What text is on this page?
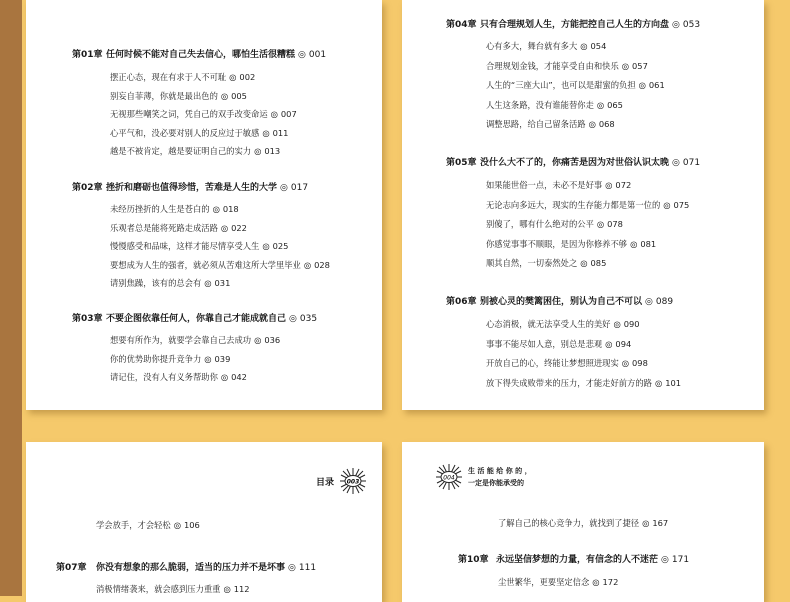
第01章 任何时候不能对自己失去信心，哪怕生活很糟糕 ◎ 001
摆正心态，现在有求于人不可耻 ◎ 002
别妄自菲薄，你就是最出色的 ◎ 005
无视那些嘲笑之词，凭自己的双手改变命运 ◎ 007
心平气和，没必要对别人的反应过于敏感 ◎ 011
越是不被肯定，越是要证明自己的实力 ◎ 013
第02章 挫折和磨砺也值得珍惜，苦难是人生的大学 ◎ 017
未经历挫折的人生是苍白的 ◎ 018
乐观者总是能将死路走成活路 ◎ 022
慢慢感受和品味，这样才能尽情享受人生 ◎ 025
要想成为人生的强者，就必须从苦难这所大学里毕业 ◎ 028
请别焦躁，该有的总会有 ◎ 031
第03章 不要企图依靠任何人，你靠自己才能成就自己 ◎ 035
想要有所作为，就要学会靠自己去成功 ◎ 036
你的优势助你提升竞争力 ◎ 039
请记住，没有人有义务帮助你 ◎ 042
第04章 只有合理规划人生，方能把控自己人生的方向盘 ◎ 053
心有多大，舞台就有多大 ◎ 054
合理规划金钱，才能享受自由和快乐 ◎ 057
人生的“三座大山”，也可以是甜蜜的负担 ◎ 061
人生这条路，没有谁能替你走 ◎ 065
调整思路，给自己留条活路 ◎ 068
第05章 没什么大不了的，你痛苦是因为对世俗认识太晚 ◎ 071
如果能世俗一点，未必不是好事 ◎ 072
无论志向多远大，现实的生存能力都是第一位的 ◎ 075
别傻了，哪有什么绝对的公平 ◎ 078
你感觉事事不顺眼，是因为你修养不够 ◎ 081
顺其自然，一切泰然处之 ◎ 085
第06章 别被心灵的樊篱困住，别认为自己不可以 ◎ 089
心态消极，就无法享受人生的美好 ◎ 090
事事不能尽如人意，别总是悲观 ◎ 094
开放自己的心，终能让梦想照进现实 ◎ 098
放下得失成败带来的压力，才能走好前方的路 ◎ 101
目录 003
学会放手，才会轻松 ◎ 106
第07章 你没有想象的那么脆弱，适当的压力并不是坏事 ◎ 111
消极情绪袭来，就会感到压力重重 ◎ 112
004
生 活 能 给 你 的 ，
一定是你能承受的
了解自己的核心竞争力，就找到了捷径 ◎ 167
第10章 永远坚信梦想的力量，有信念的人不迷茫 ◎ 171
尘世繁华，更要坚定信念 ◎ 172
